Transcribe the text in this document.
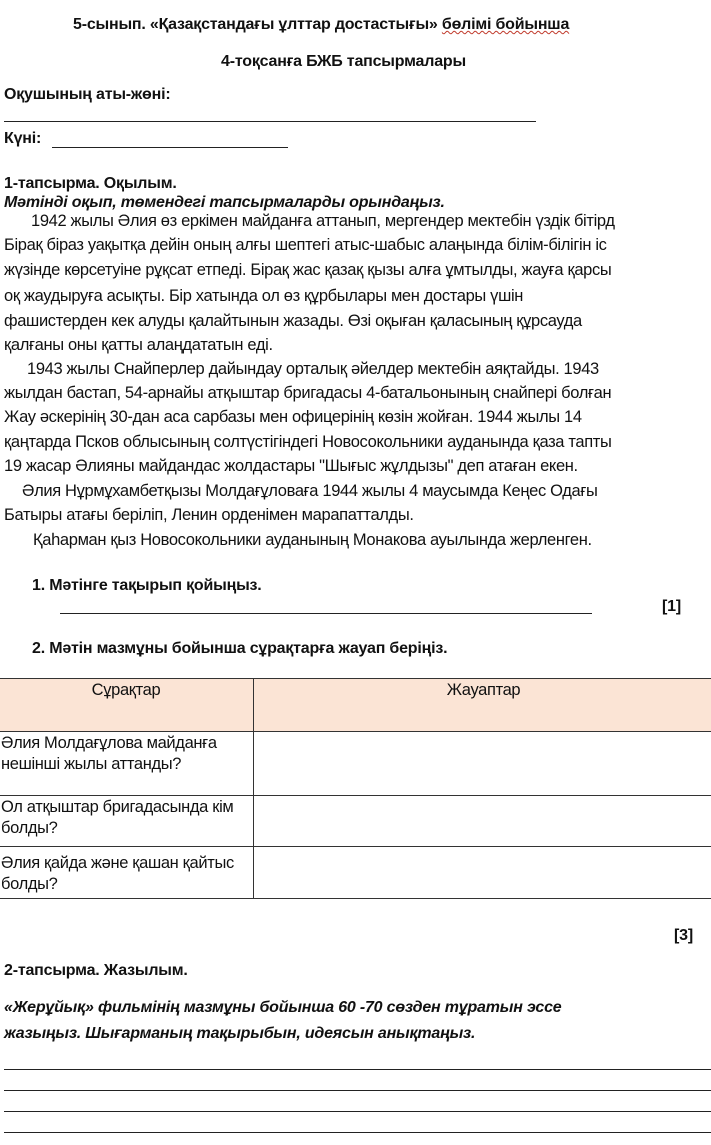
5-сынып. «Қазақстандағы ұлттар достастығы» бөлімі бойынша
4-тоқсанға БЖБ тапсырмалары
Оқушының аты-жөні:
Күні:
1-тапсырма. Оқылым.
Мәтінді оқып, төмендегі тапсырмаларды орындаңыз.
1942 жылы Әлия өз еркімен майданға аттанып, мергендер мектебін үздік бітірд
Бірақ біраз уақытқа дейін оның алғы шептегі атыс-шабыс алаңында білім-білігін іс
жүзінде көрсетуіне рұқсат етпеді. Бірақ жас қазақ қызы алға ұмтылды, жауға қарсы
оқ жаудыруға асықты. Бір хатында ол өз құрбылары мен достары үшін
фашистерден кек алуды қалайтынын жазады. Өзі оқыған қаласының құрсауда
қалғаны оны қатты алаңдататын еді.
1943 жылы Снайперлер дайындау орталық әйелдер мектебін аяқтайды. 1943
жылдан бастап, 54-арнайы атқыштар бригадасы 4-батальонының снайпері болған
Жау әскерінің 30-дан аса сарбазы мен офицерінің көзін жойған. 1944 жылы 14
қаңтарда Псков облысының солтүстігіндегі Новосокольники ауданында қаза тапты
19 жасар Әлияны майдандас жолдастары "Шығыс жұлдызы" деп атаған екен.
Әлия Нұрмұхамбетқызы Молдағұловаға 1944 жылы 4 маусымда Кеңес Одағы
Батыры атағы беріліп, Ленин орденімен марапатталды.
Қаһарман қыз Новосокольники ауданының Монакова ауылында жерленген.
1. Мәтінге тақырып қойыңыз.
[1]
2. Мәтін мазмұны бойынша сұрақтарға жауап беріңіз.
Сұрақтар	Жауаптар
Әлия Молдағұлова майданға нешінші жылы аттанды?	
Ол атқыштар бригадасында кім болды?	
Әлия қайда және қашан қайтыс болды?	
[3]
2-тапсырма. Жазылым.
«Жерұйық» фильмінің мазмұны бойынша 60 -70 сөзден тұратын эссе
жазыңыз. Шығарманың тақырыбын, идеясын анықтаңыз.
